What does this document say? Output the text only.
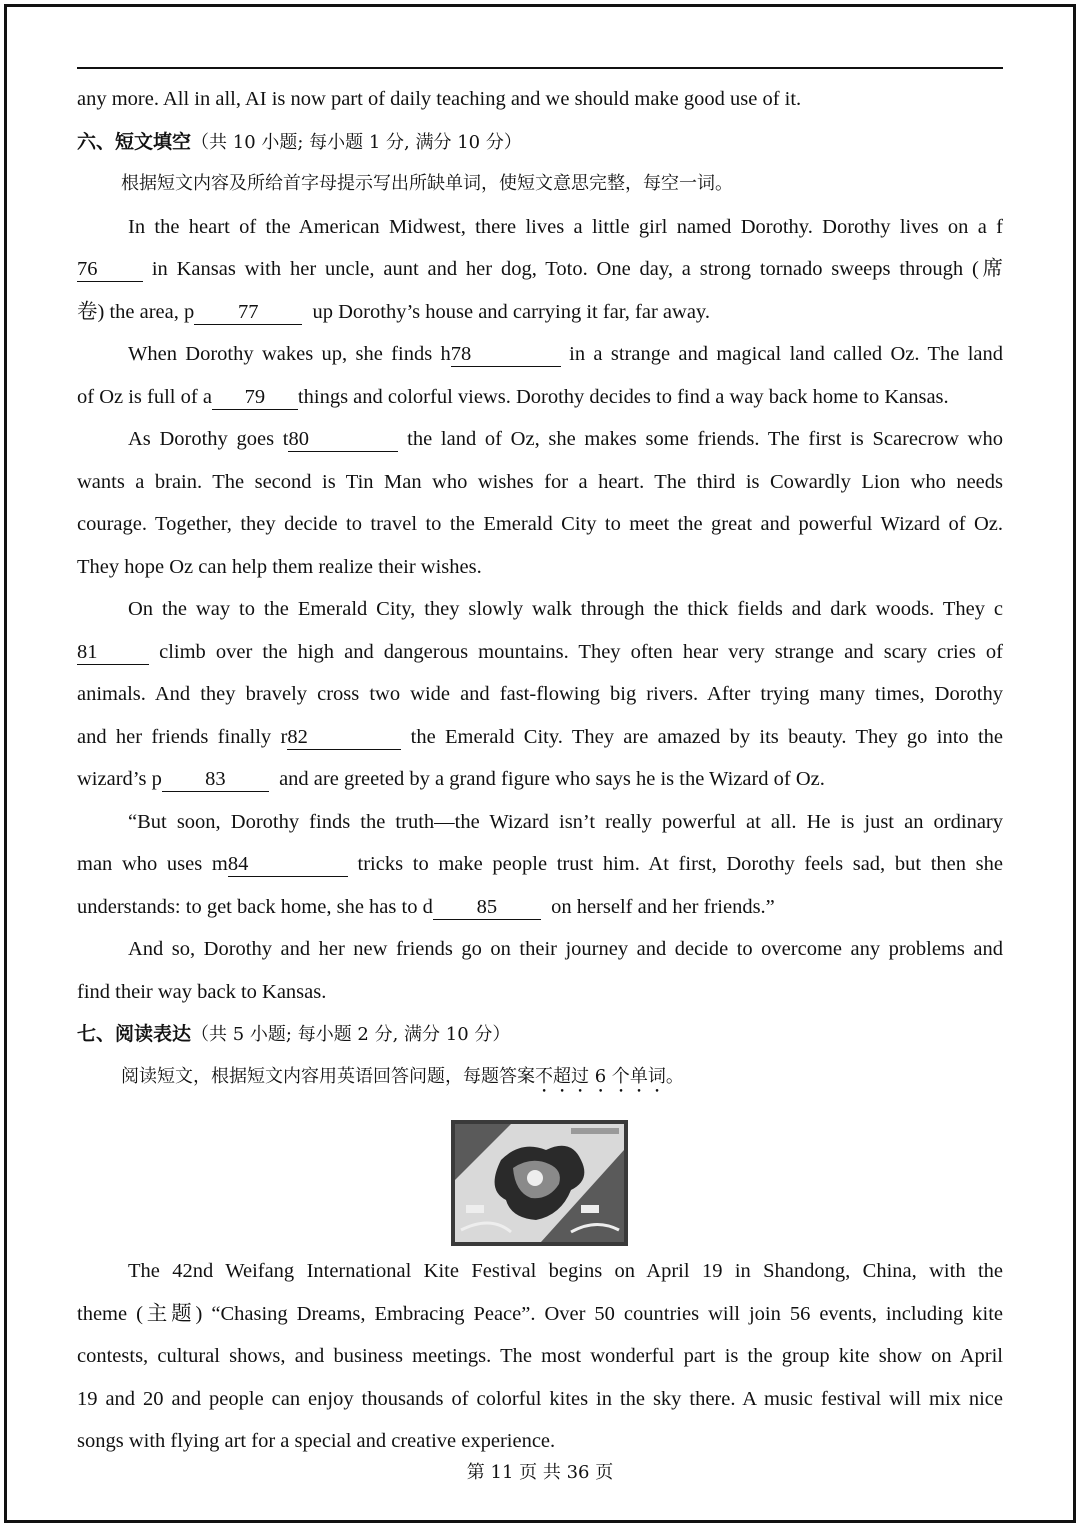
any more. All in all, AI is now part of daily teaching and we should make good use of it.
六、短文填空（共 10 小题; 每小题 1 分, 满分 10 分）
根据短文内容及所给首字母提示写出所缺单词，使短文意思完整，每空一词。
In the heart of the American Midwest, there lives a little girl named Dorothy. Dorothy lives on a f
76	in Kansas with her uncle, aunt and her dog, Toto. One day, a strong tornado sweeps through (席
卷) the area, p 77	up Dorothy’s house and carrying it far, far away.
When Dorothy wakes up, she finds h78	in a strange and magical land called Oz. The land
of Oz is full of a 79 things and colorful views. Dorothy decides to find a way back home to Kansas.
As Dorothy goes t80	the land of Oz, she makes some friends. The first is Scarecrow who
wants a brain. The second is Tin Man who wishes for a heart. The third is Cowardly Lion who needs
courage. Together, they decide to travel to the Emerald City to meet the great and powerful Wizard of Oz.
They hope Oz can help them realize their wishes.
On the way to the Emerald City, they slowly walk through the thick fields and dark woods. They c
81	climb over the high and dangerous mountains. They often hear very strange and scary cries of
animals. And they bravely cross two wide and fast-flowing big rivers. After trying many times, Dorothy
and her friends finally r82	the Emerald City. They are amazed by its beauty. They go into the
wizard’s p 83	and are greeted by a grand figure who says he is the Wizard of Oz.
“But soon, Dorothy finds the truth—the Wizard isn’t really powerful at all. He is just an ordinary
man who uses m84	tricks to make people trust him. At first, Dorothy feels sad, but then she
understands: to get back home, she has to d 85	on herself and her friends.”
And so, Dorothy and her new friends go on their journey and decide to overcome any problems and
find their way back to Kansas.
七、阅读表达（共 5 小题; 每小题 2 分, 满分 10 分）
阅读短文，根据短文内容用英语回答问题，每题答案不超过 6 个单词。
The 42nd Weifang International Kite Festival begins on April 19 in Shandong, China, with the
theme (主题) “Chasing Dreams, Embracing Peace”. Over 50 countries will join 56 events, including kite
contests, cultural shows, and business meetings. The most wonderful part is the group kite show on April
19 and 20 and people can enjoy thousands of colorful kites in the sky there. A music festival will mix nice
songs with flying art for a special and creative experience.
第 11 页 共 36 页
